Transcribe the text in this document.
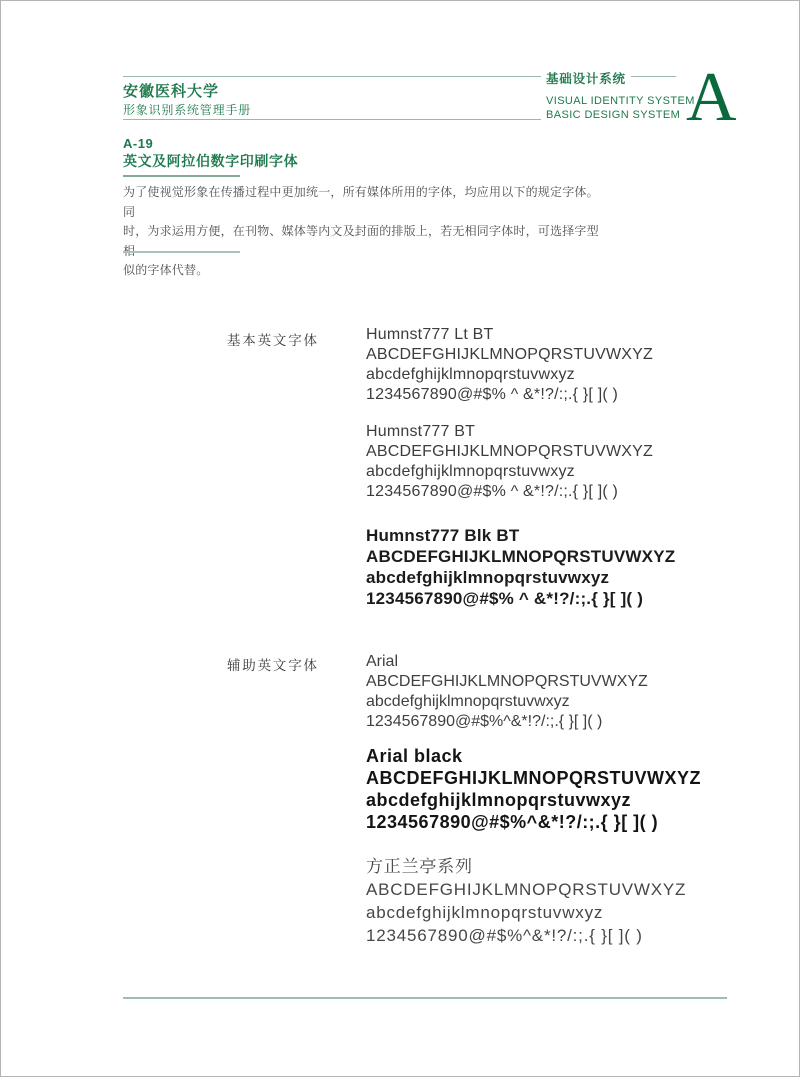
安徽医科大学
形象识别系统管理手册
基础设计系统
VISUAL IDENTITY SYSTEM
BASIC DESIGN SYSTEM A
A-19
英文及阿拉伯数字印刷字体
为了使视觉形象在传播过程中更加统一，所有媒体所用的字体，均应用以下的规定字体。同
时，为求运用方便，在刊物、媒体等内文及封面的排版上，若无相同字体时，可选择字型
似的字体代替。
基本英文字体
辅助英文字体
Humnst777 Lt BT
ABCDEFGHIJKLMNOPQRSTUVWXYZ
abcdefghijklmnopqrstuvwxyz
1234567890@#$% ^ &*!?/:;.{ }[ ]( )
Humnst777 BT
ABCDEFGHIJKLMNOPQRSTUVWXYZ
abcdefghijklmnopqrstuvwxyz
1234567890@#$% ^ &*!?/:;.{ }[ ]( )
Humnst777 Blk BT
ABCDEFGHIJKLMNOPQRSTUVWXYZ
abcdefghijklmnopqrstuvwxyz
1234567890@#$% ^ &*!?/:;.{ }[ ]( )
Arial
ABCDEFGHIJKLMNOPQRSTUVWXYZ
abcdefghijklmnopqrstuvwxyz
1234567890@#$%^&*!?/:;.{ }[ ]( )
Arial black
ABCDEFGHIJKLMNOPQRSTUVWXYZ
abcdefghijklmnopqrstuvwxyz
1234567890@#$%^&*!?/:;.{ }[ ]( )
方正兰亭系列
ABCDEFGHIJKLMNOPQRSTUVWXYZ
abcdefghijklmnopqrstuvwxyz
1234567890@#$%^&*!?/:;.{ }[ ]( )
